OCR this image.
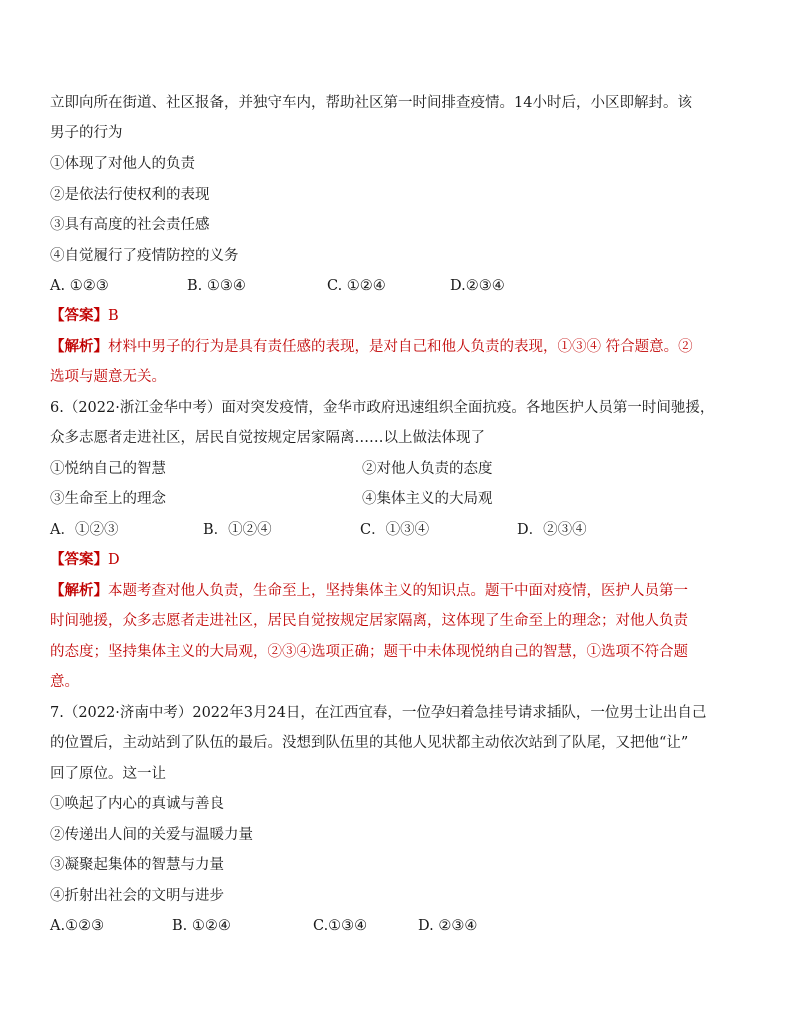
立即向所在街道、社区报备，并独守车内，帮助社区第一时间排查疫情。14小时后，小区即解封。该
男子的行为
①体现了对他人的负责
②是依法行使权利的表现
③具有高度的社会责任感
④自觉履行了疫情防控的义务
A. ①②③	B. ①③④	C. ①②④	D.②③④
【答案】B
【解析】材料中男子的行为是具有责任感的表现，是对自己和他人负责的表现，①③④ 符合题意。②
选项与题意无关。
6.（2022·浙江金华中考）面对突发疫情，金华市政府迅速组织全面抗疫。各地医护人员第一时间驰援，
众多志愿者走进社区，居民自觉按规定居家隔离……以上做法体现了
①悦纳自己的智慧	②对他人负责的态度
③生命至上的理念	④集体主义的大局观
A．①②③	B．①②④	C．①③④	D．②③④
【答案】D
【解析】本题考查对他人负责，生命至上，坚持集体主义的知识点。题干中面对疫情，医护人员第一
时间驰援，众多志愿者走进社区，居民自觉按规定居家隔离，这体现了生命至上的理念；对他人负责
的态度；坚持集体主义的大局观，②③④选项正确；题干中未体现悦纳自己的智慧，①选项不符合题
意。
7.（2022·济南中考）2022年3月24日，在江西宜春，一位孕妇着急挂号请求插队，一位男士让出自己
的位置后，主动站到了队伍的最后。没想到队伍里的其他人见状都主动依次站到了队尾，又把他“让”
回了原位。这一让
①唤起了内心的真诚与善良
②传递出人间的关爱与温暖力量
③凝聚起集体的智慧与力量
④折射出社会的文明与进步
A.①②③	B. ①②④	C.①③④	D. ②③④
